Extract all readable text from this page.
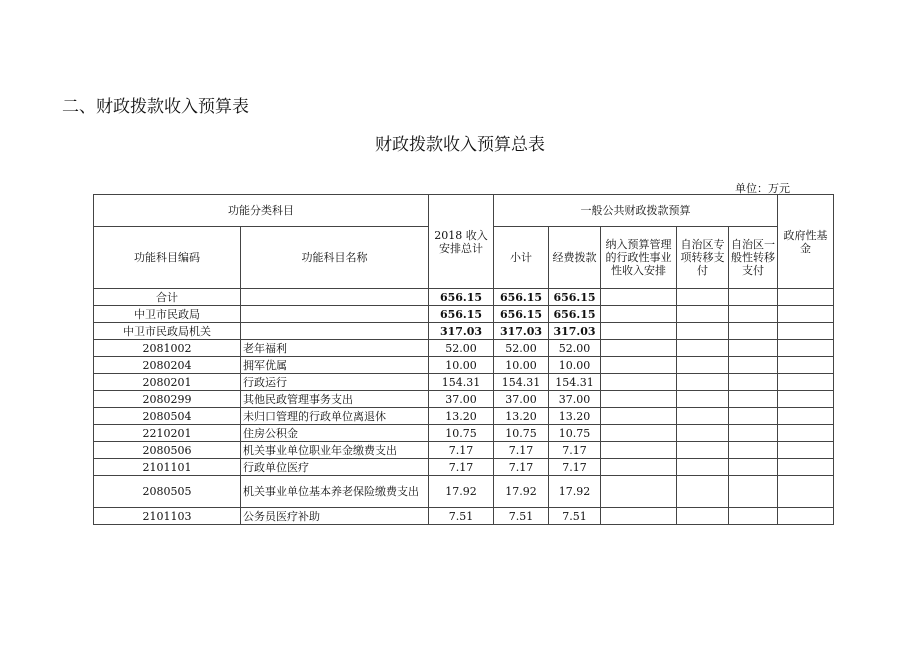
二、财政拨款收入预算表
财政拨款收入预算总表
单位：万元
功能分类科目		2018 收入安排总计	一般公共财政拨款预算					政府性基金
功能科目编码	功能科目名称		小计	经费拨款	纳入预算管理的行政性事业性收入安排	自治区专项转移支付	自治区一般性转移支付	
合计		656.15	656.15	656.15				
中卫市民政局		656.15	656.15	656.15				
中卫市民政局机关		317.03	317.03	317.03				
2081002	老年福利	52.00	52.00	52.00				
2080204	拥军优属	10.00	10.00	10.00				
2080201	行政运行	154.31	154.31	154.31				
2080299	其他民政管理事务支出	37.00	37.00	37.00				
2080504	未归口管理的行政单位离退休	13.20	13.20	13.20				
2210201	住房公积金	10.75	10.75	10.75				
2080506	机关事业单位职业年金缴费支出	7.17	7.17	7.17				
2101101	行政单位医疗	7.17	7.17	7.17				
2080505	机关事业单位基本养老保险缴费支出	17.92	17.92	17.92				
2101103	公务员医疗补助	7.51	7.51	7.51				
